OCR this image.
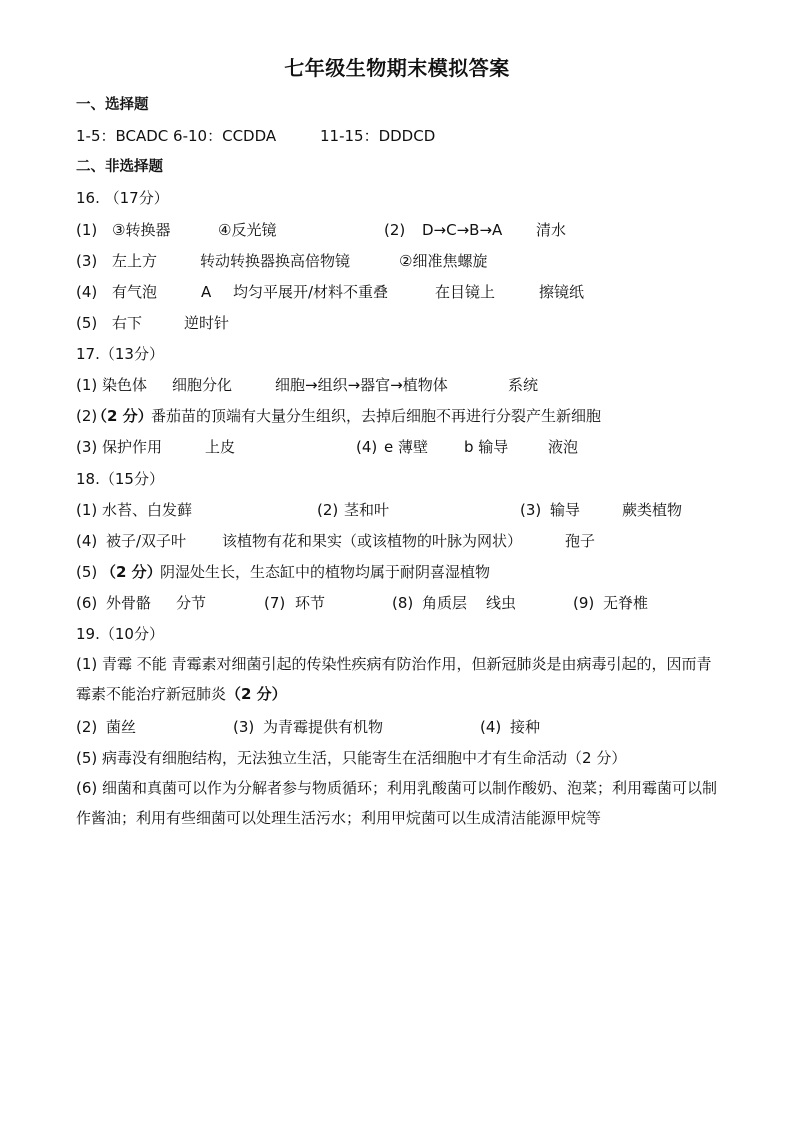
七年级生物期末模拟答案
一、选择题
1-5：BCADC 6-10：CCDDA	11-15：DDDCD
二、非选择题
16. （17分）
(1) ③转换器	④反光镜	(2) D→C→B→A 清水
(3) 左上方	转动转换器换高倍物镜	②细准焦螺旋
(4) 有气泡	A 均匀平展开/材料不重叠	在目镜上	擦镜纸
(5) 右下	逆时针
17.（13分）
(1) 染色体 细胞分化	细胞→组织→器官→植物体	系统
(2)
（2 分）
番茄苗的顶端有大量分生组织，去掉后细胞不再进行分裂产生新细胞
(3) 保护作用	上皮	(4) e 薄壁 b 输导	液泡
18.（15分）
(1) 水苔、白发藓	(2) 茎和叶	(3) 输导	蕨类植物
(4) 被子/双子叶 该植物有花和果实（或该植物的叶脉为网状）	孢子
(5) （2 分）
阴湿处生长，生态缸中的植物均属于耐阴喜湿植物
(6) 外骨骼 分节	(7) 环节	(8) 角质层 线虫	(9) 无脊椎
19.（10分）
(1) 青霉 不能 青霉素对细菌引起的传染性疾病有防治作用，但新冠肺炎是由病毒引起的，因而青霉素不能治疗新冠肺炎（2 分）
(2) 菌丝	(3) 为青霉提供有机物	(4) 接种
(5) 病毒没有细胞结构，无法独立生活，只能寄生在活细胞中才有生命活动（2 分）
(6) 细菌和真菌可以作为分解者参与物质循环；利用乳酸菌可以制作酸奶、泡菜；利用霉菌可以制作酱油；利用有些细菌可以处理生活污水；利用甲烷菌可以生成清洁能源甲烷等
